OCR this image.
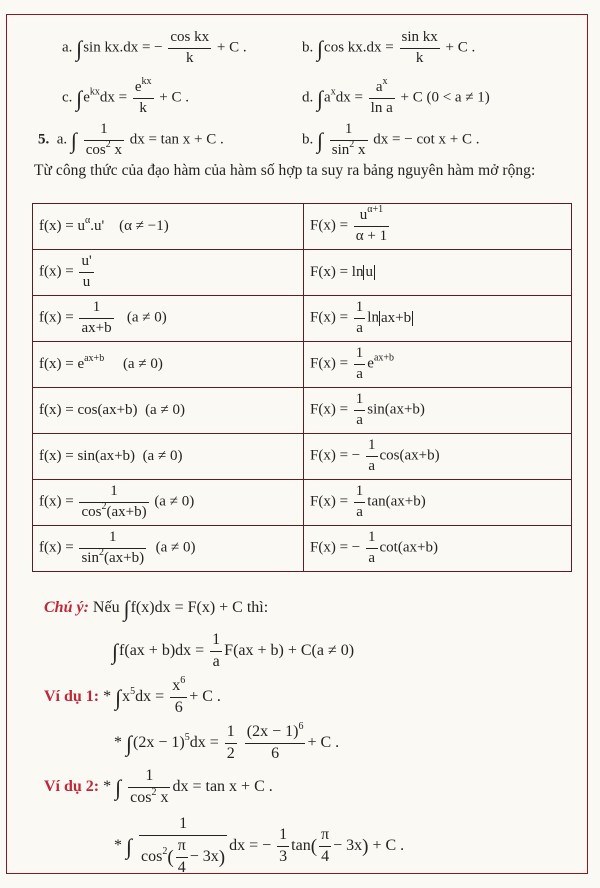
a. ∫sin kx.dx = − $\frac{\text{cos kx}}{k} + C$ .	b. ∫cos $kx.dx = \frac{\text{sin kx}}{k} + C$ .
c. $\int e^{kx}dx = \frac{e^{kx}}{k} + C$ .	d. $\int a^xdx = \frac{a^x}{\text{ln a}} + C$ (0 < a ≠ 1)
5. a. ∫ $\frac{1}{\cos^2 x}$ dx = tan x + C .	b. ∫ $\frac{1}{\sin^2 x}$ dx = − cot x + C .
Từ công thức của đạo hàm của hàm số hợp ta suy ra bảng nguyên hàm mở rộng:
$f(x) = u^\alpha.u'$ (α ≠ −1)	$F(x) = \frac{u^{\alpha+1}}{\alpha + 1}$

$f(x) = \frac{u'}{u}$	F(x) = ln u
$f(x) = \frac{1}{ax+b} (a \ne 0)$	$F(x) = \frac{1}{a}$ ln ax+b
$f(x) = e^{ax+b}$ (a ≠ 0)	$F(x) = \frac{1}{a} e^{ax+b}$
f(x) = cos(ax+b) (a ≠ 0)	$F(x) = \frac{1}{a} \sin(ax+b)$
f(x) = sin(ax+b) (a ≠ 0)	F(x) = − $\frac{1}{a} \cos(ax+b)$
$f(x) = \frac{1}{\cos^2(ax+b)} (a \ne 0)$	$F(x) = \frac{1}{a} \tan(ax+b)$
$f(x) = \frac{1}{\sin^2(ax+b)} (a \ne 0)$	F(x) = − $\frac{1}{a} \cot(ax+b)$
Chú ý: Nếu ∫f(x)dx = F(x) + C thì:
$\int f(ax + b)dx = \frac{1}{a} F(ax + b) + C(a \ne 0)$
Ví dụ 1: * $\int x^5dx = \frac{x^6}{6} + C$ .
* $\int(2x - 1)^5dx = \frac{1}{2}$
$\frac{(2x - 1)^6}{6} + C$ .
Ví dụ 2: * ∫ $\frac{1}{\cos^2 x}$ dx = tan x + C .
* ∫ $\frac{1}{\cos^2( \frac{\pi}{4} - 3x)}$ dx = − $\frac{1}{3} \tan( \frac{\pi}{4} - 3x) + C$ .
